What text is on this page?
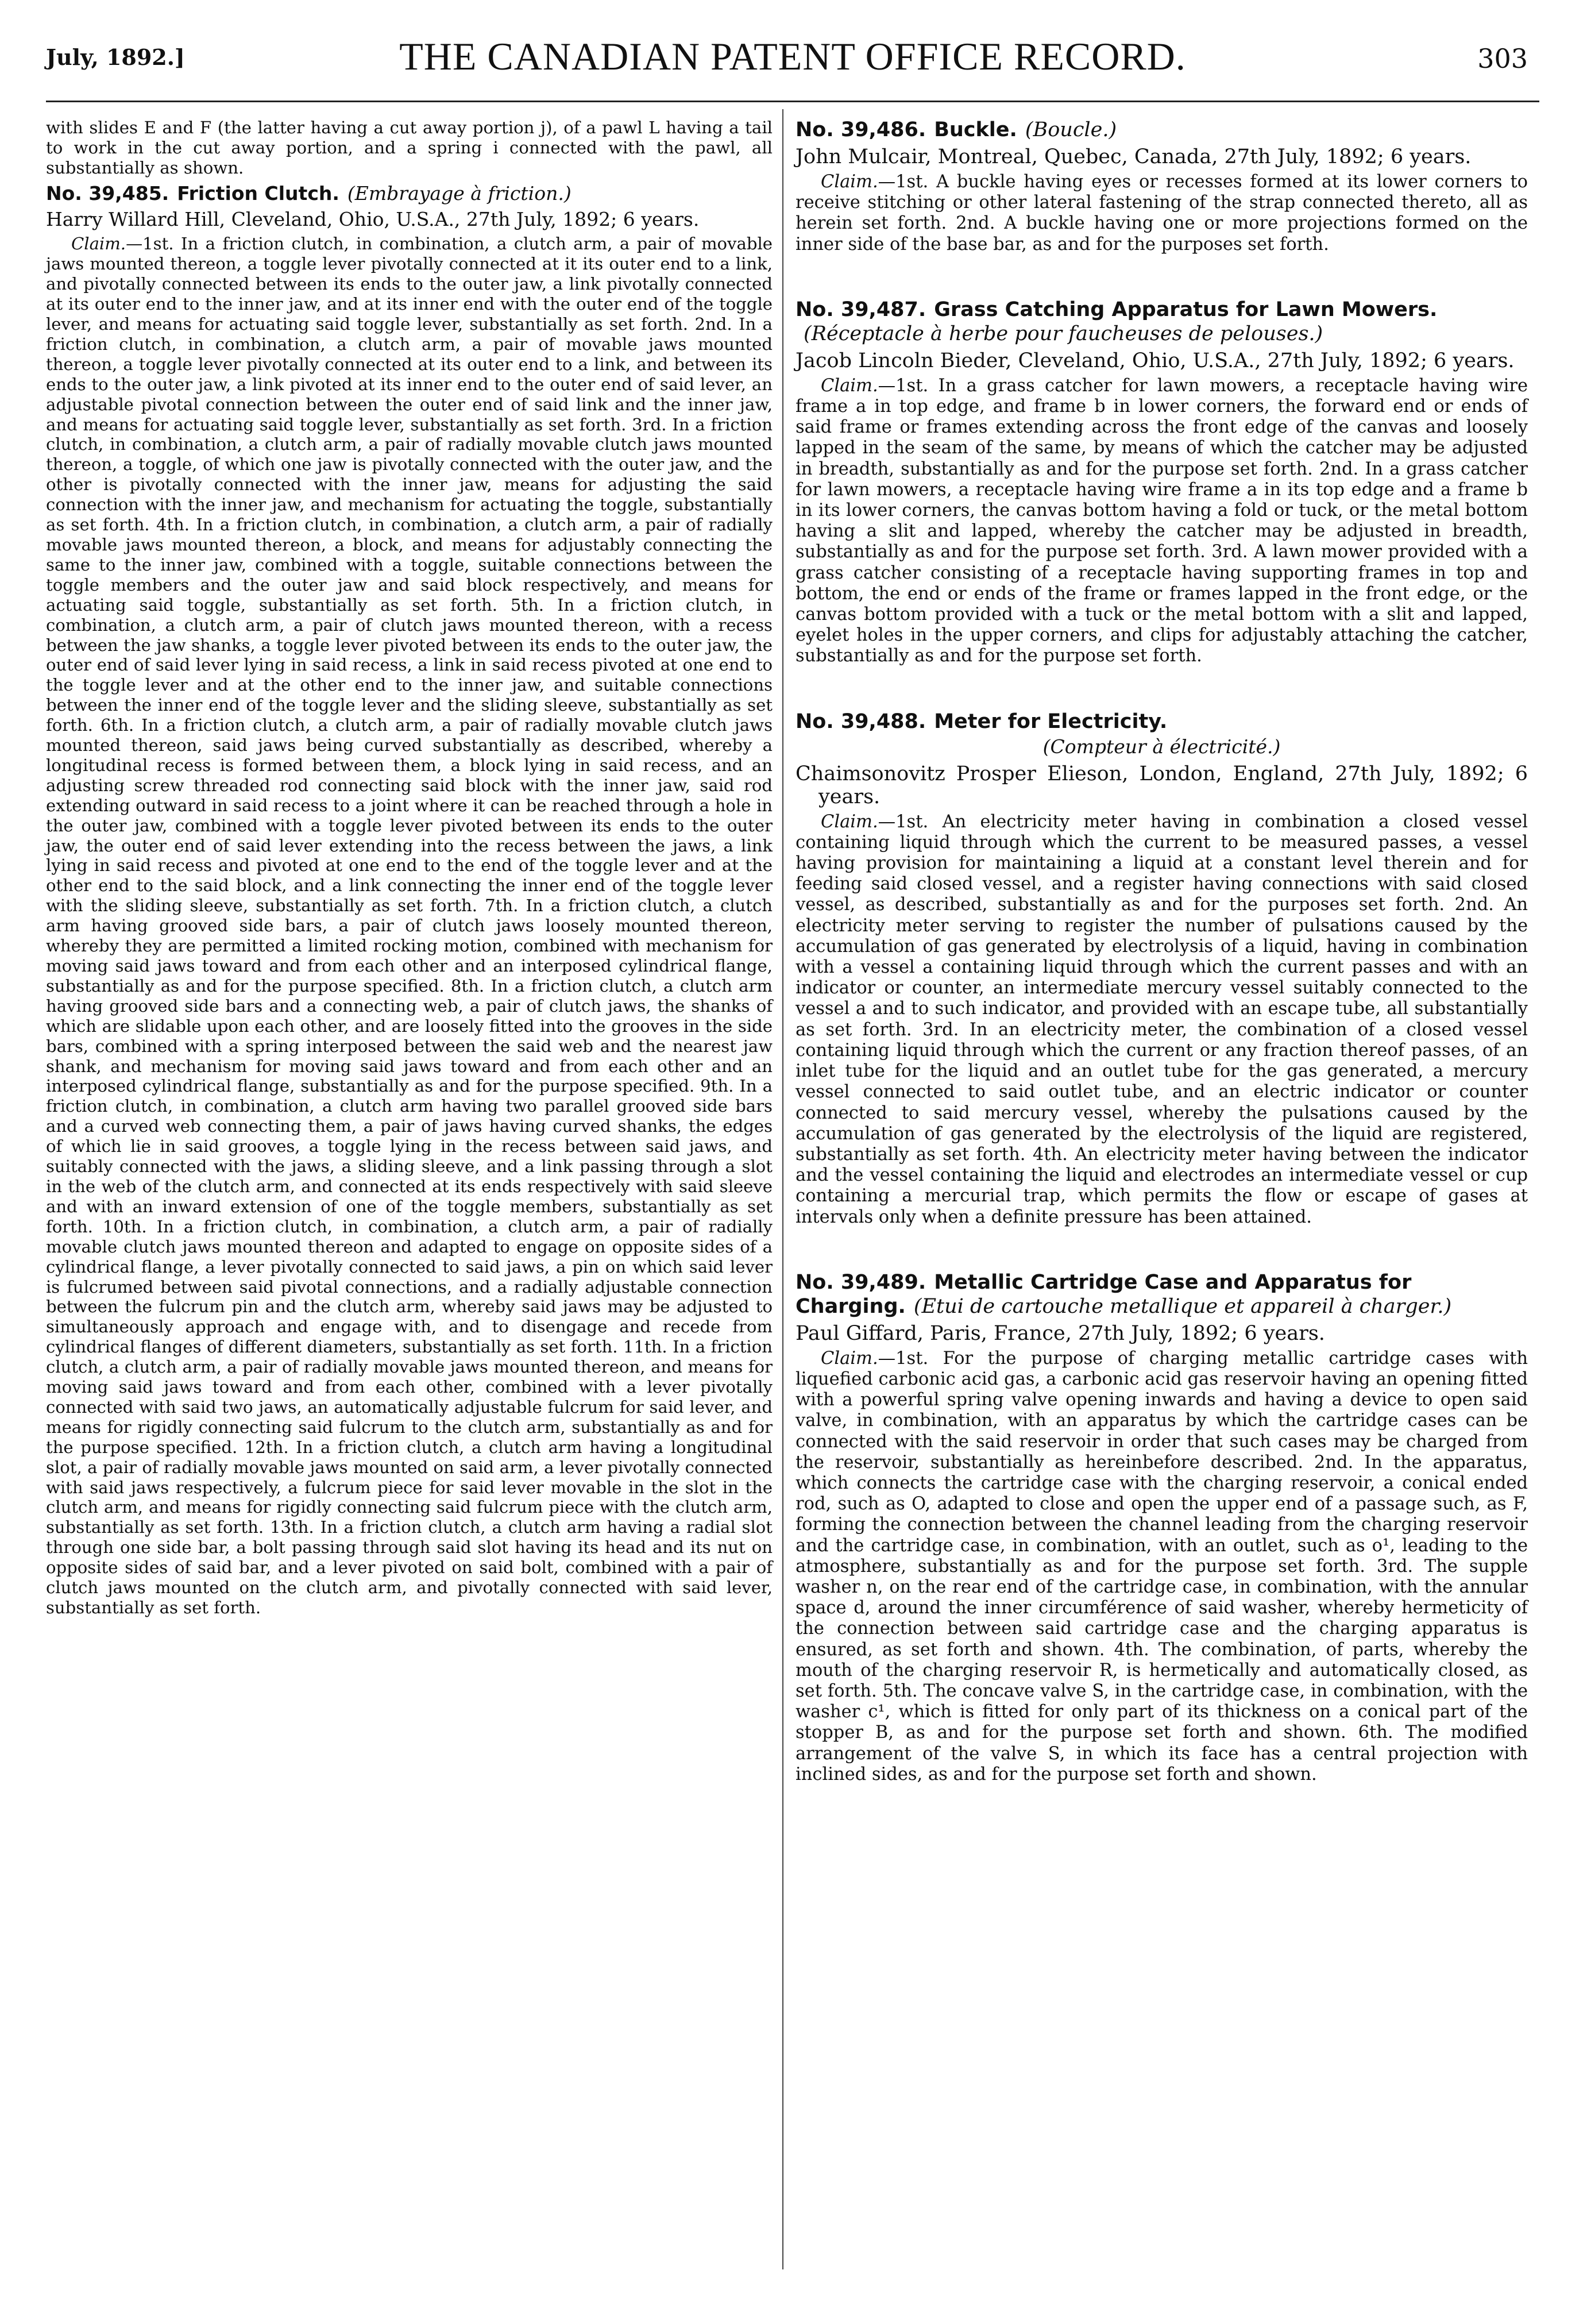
July, 1892.]	THE CANADIAN PATENT OFFICE RECORD.	303

with slides E and F (the latter having a cut away portion j), of a pawl L having a tail to work in the cut away portion, and a spring i connected with the pawl, all substantially as shown.

No. 39,485. Friction Clutch. (Embrayage à friction.)

Harry Willard Hill, Cleveland, Ohio, U.S.A., 27th July, 1892; 6 years.

Claim.—1st. In a friction clutch, in combination, a clutch arm, a pair of movable jaws mounted thereon, a toggle lever pivotally connected at it its outer end to a link, and pivotally connected between its ends to the outer jaw, a link pivotally connected at its outer end to the inner jaw, and at its inner end with the outer end of the toggle lever, and means for actuating said toggle lever, substantially as set forth. 2nd. In a friction clutch, in combination, a clutch arm, a pair of movable jaws mounted thereon, a toggle lever pivotally connected at its outer end to a link, and between its ends to the outer jaw, a link pivoted at its inner end to the outer end of said lever, an adjustable pivotal connection between the outer end of said link and the inner jaw, and means for actuating said toggle lever, substantially as set forth. 3rd. In a friction clutch, in combination, a clutch arm, a pair of radially movable clutch jaws mounted thereon, a toggle, of which one jaw is pivotally connected with the outer jaw, and the other is pivotally connected with the inner jaw, means for adjusting the said connection with the inner jaw, and mechanism for actuating the toggle, substantially as set forth. 4th. In a friction clutch, in combination, a clutch arm, a pair of radially movable jaws mounted thereon, a block, and means for adjustably connecting the same to the inner jaw, combined with a toggle, suitable connections between the toggle members and the outer jaw and said block respectively, and means for actuating said toggle, substantially as set forth. 5th. In a friction clutch, in combination, a clutch arm, a pair of clutch jaws mounted thereon, with a recess between the jaw shanks, a toggle lever pivoted between its ends to the outer jaw, the outer end of said lever lying in said recess, a link in said recess pivoted at one end to the toggle lever and at the other end to the inner jaw, and suitable connections between the inner end of the toggle lever and the sliding sleeve, substantially as set forth. 6th. In a friction clutch, a clutch arm, a pair of radially movable clutch jaws mounted thereon, said jaws being curved substantially as described, whereby a longitudinal recess is formed between them, a block lying in said recess, and an adjusting screw threaded rod connecting said block with the inner jaw, said rod extending outward in said recess to a joint where it can be reached through a hole in the outer jaw, combined with a toggle lever pivoted between its ends to the outer jaw, the outer end of said lever extending into the recess between the jaws, a link lying in said recess and pivoted at one end to the end of the toggle lever and at the other end to the said block, and a link connecting the inner end of the toggle lever with the sliding sleeve, substantially as set forth. 7th. In a friction clutch, a clutch arm having grooved side bars, a pair of clutch jaws loosely mounted thereon, whereby they are permitted a limited rocking motion, combined with mechanism for moving said jaws toward and from each other and an interposed cylindrical flange, substantially as and for the purpose specified. 8th. In a friction clutch, a clutch arm having grooved side bars and a connecting web, a pair of clutch jaws, the shanks of which are slidable upon each other, and are loosely fitted into the grooves in the side bars, combined with a spring interposed between the said web and the nearest jaw shank, and mechanism for moving said jaws toward and from each other and an interposed cylindrical flange, substantially as and for the purpose specified. 9th. In a friction clutch, in combination, a clutch arm having two parallel grooved side bars and a curved web connecting them, a pair of jaws having curved shanks, the edges of which lie in said grooves, a toggle lying in the recess between said jaws, and suitably connected with the jaws, a sliding sleeve, and a link passing through a slot in the web of the clutch arm, and connected at its ends respectively with said sleeve and with an inward extension of one of the toggle members, substantially as set forth. 10th. In a friction clutch, in combination, a clutch arm, a pair of radially movable clutch jaws mounted thereon and adapted to engage on opposite sides of a cylindrical flange, a lever pivotally connected to said jaws, a pin on which said lever is fulcrumed between said pivotal connections, and a radially adjustable connection between the fulcrum pin and the clutch arm, whereby said jaws may be adjusted to simultaneously approach and engage with, and to disengage and recede from cylindrical flanges of different diameters, substantially as set forth. 11th. In a friction clutch, a clutch arm, a pair of radially movable jaws mounted thereon, and means for moving said jaws toward and from each other, combined with a lever pivotally connected with said two jaws, an automatically adjustable fulcrum for said lever, and means for rigidly connecting said fulcrum to the clutch arm, substantially as and for the purpose specified. 12th. In a friction clutch, a clutch arm having a longitudinal slot, a pair of radially movable jaws mounted on said arm, a lever pivotally connected with said jaws respectively, a fulcrum piece for said lever movable in the slot in the clutch arm, and means for rigidly connecting said fulcrum piece with the clutch arm, substantially as set forth. 13th. In a friction clutch, a clutch arm having a radial slot through one side bar, a bolt passing through said slot having its head and its nut on opposite sides of said bar, and a lever pivoted on said bolt, combined with a pair of clutch jaws mounted on the clutch arm, and pivotally connected with said lever, substantially as set forth.

No. 39,486. Buckle. (Boucle.)

John Mulcair, Montreal, Quebec, Canada, 27th July, 1892; 6 years.

Claim.—1st. A buckle having eyes or recesses formed at its lower corners to receive stitching or other lateral fastening of the strap connected thereto, all as herein set forth. 2nd. A buckle having one or more projections formed on the inner side of the base bar, as and for the purposes set forth.

No. 39,487. Grass Catching Apparatus for Lawn Mowers.(Réceptacle à herbe pour faucheuses de pelouses.)

Jacob Lincoln Bieder, Cleveland, Ohio, U.S.A., 27th July, 1892; 6 years.

Claim.—1st. In a grass catcher for lawn mowers, a receptacle having wire frame a in top edge, and frame b in lower corners, the forward end or ends of said frame or frames extending across the front edge of the canvas and loosely lapped in the seam of the same, by means of which the catcher may be adjusted in breadth, substantially as and for the purpose set forth. 2nd. In a grass catcher for lawn mowers, a receptacle having wire frame a in its top edge and a frame b in its lower corners, the canvas bottom having a fold or tuck, or the metal bottom having a slit and lapped, whereby the catcher may be adjusted in breadth, substantially as and for the purpose set forth. 3rd. A lawn mower provided with a grass catcher consisting of a receptacle having supporting frames in top and bottom, the end or ends of the frame or frames lapped in the front edge, or the canvas bottom provided with a tuck or the metal bottom with a slit and lapped, eyelet holes in the upper corners, and clips for adjustably attaching the catcher, substantially as and for the purpose set forth.

No. 39,488. Meter for Electricity.
(Compteur à électricité.)

Chaimsonovitz Prosper Elieson, London, England, 27th July, 1892; 6 years.

Claim.—1st. An electricity meter having in combination a closed vessel containing liquid through which the current to be measured passes, a vessel having provision for maintaining a liquid at a constant level therein and for feeding said closed vessel, and a register having connections with said closed vessel, as described, substantially as and for the purposes set forth. 2nd. An electricity meter serving to register the number of pulsations caused by the accumulation of gas generated by electrolysis of a liquid, having in combination with a vessel a containing liquid through which the current passes and with an indicator or counter, an intermediate mercury vessel suitably connected to the vessel a and to such indicator, and provided with an escape tube, all substantially as set forth. 3rd. In an electricity meter, the combination of a closed vessel containing liquid through which the current or any fraction thereof passes, of an inlet tube for the liquid and an outlet tube for the gas generated, a mercury vessel connected to said outlet tube, and an electric indicator or counter connected to said mercury vessel, whereby the pulsations caused by the accumulation of gas generated by the electrolysis of the liquid are registered, substantially as set forth. 4th. An electricity meter having between the indicator and the vessel containing the liquid and electrodes an intermediate vessel or cup containing a mercurial trap, which permits the flow or escape of gases at intervals only when a definite pressure has been attained.

No. 39,489. Metallic Cartridge Case and Apparatus for Charging. (Etui de cartouche metallique et appareil à charger.)

Paul Giffard, Paris, France, 27th July, 1892; 6 years.

Claim.—1st. For the purpose of charging metallic cartridge cases with liquefied carbonic acid gas, a carbonic acid gas reservoir having an opening fitted with a powerful spring valve opening inwards and having a device to open said valve, in combination, with an apparatus by which the cartridge cases can be connected with the said reservoir in order that such cases may be charged from the reservoir, substantially as hereinbefore described. 2nd. In the apparatus, which connects the cartridge case with the charging reservoir, a conical ended rod, such as O, adapted to close and open the upper end of a passage such, as F, forming the connection between the channel leading from the charging reservoir and the cartridge case, in combination, with an outlet, such as o¹, leading to the atmosphere, substantially as and for the purpose set forth. 3rd. The supple washer n, on the rear end of the cartridge case, in combination, with the annular space d, around the inner circumférence of said washer, whereby hermeticity of the connection between said cartridge case and the charging apparatus is ensured, as set forth and shown. 4th. The combination, of parts, whereby the mouth of the charging reservoir R, is hermetically and automatically closed, as set forth. 5th. The concave valve S, in the cartridge case, in combination, with the washer c¹, which is fitted for only part of its thickness on a conical part of the stopper B, as and for the purpose set forth and shown. 6th. The modified arrangement of the valve S, in which its face has a central projection with inclined sides, as and for the purpose set forth and shown.
